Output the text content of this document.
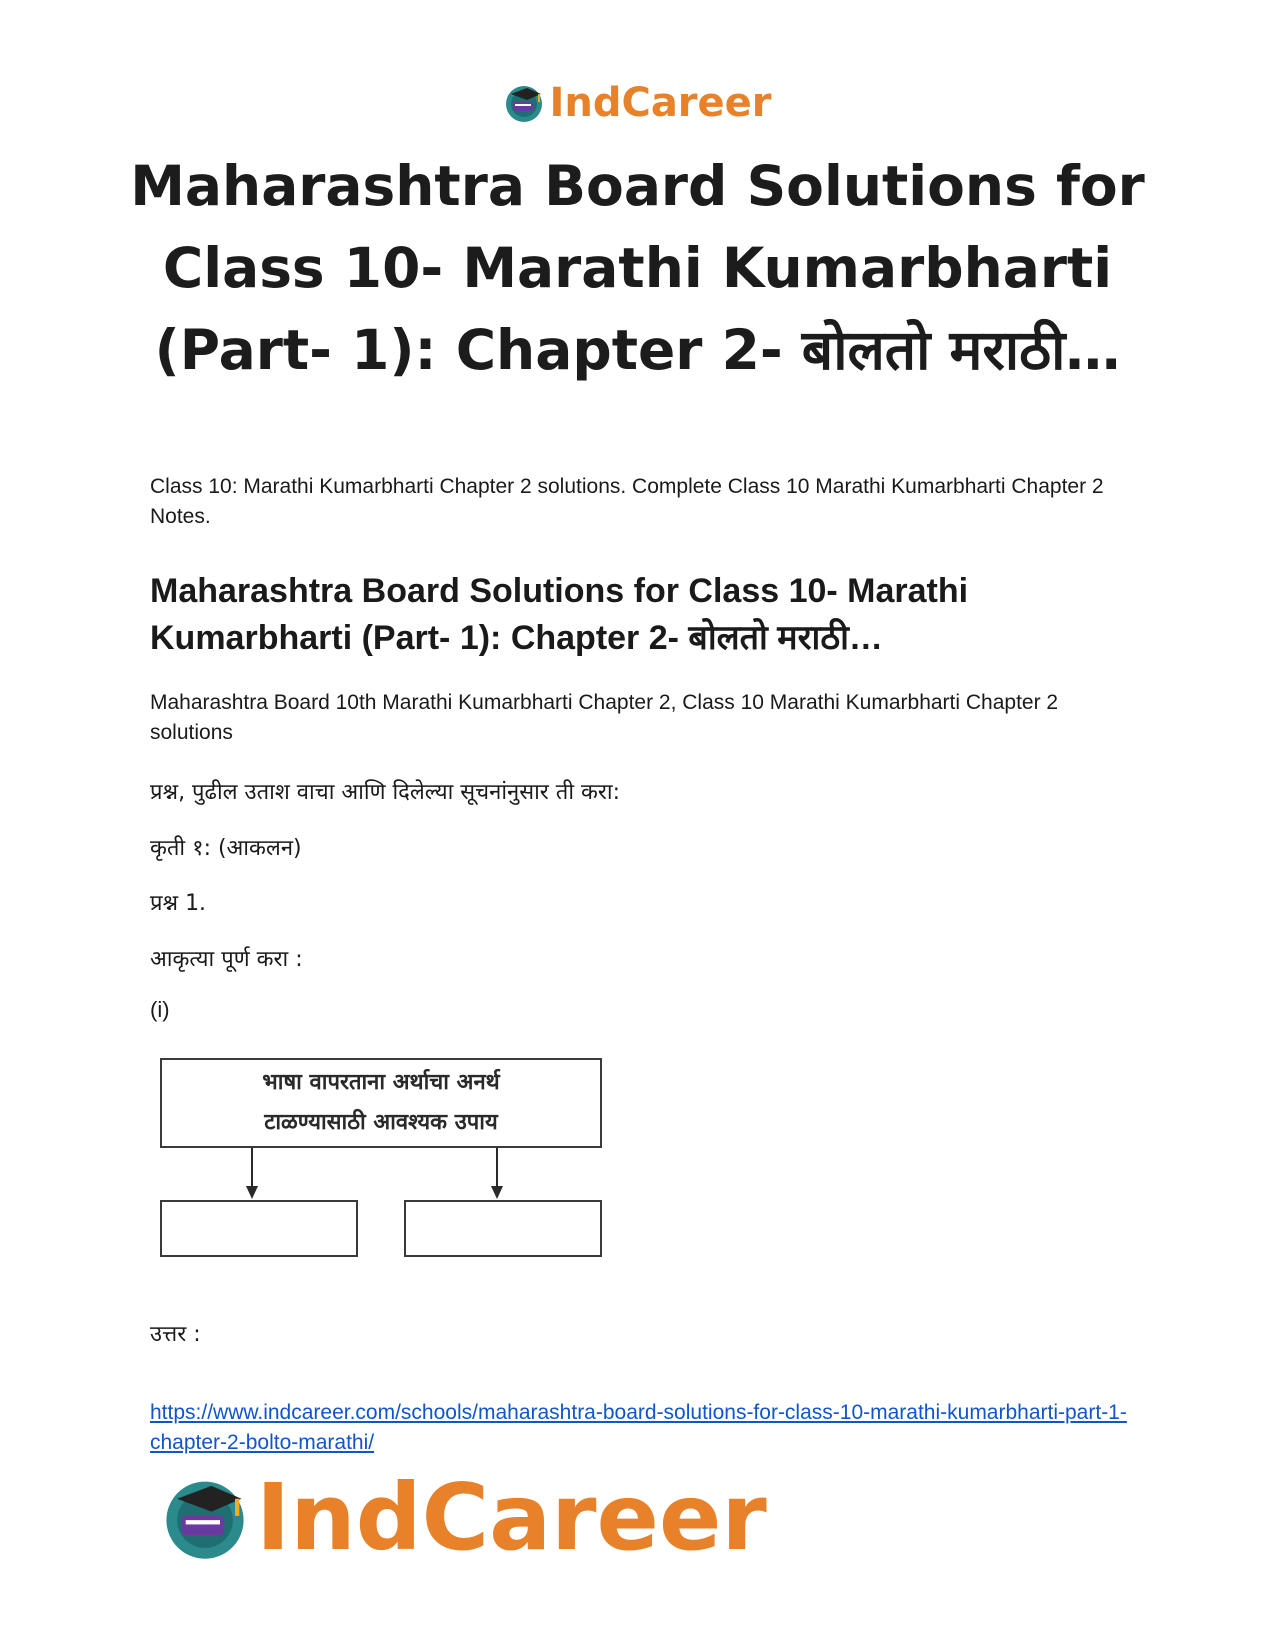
IndCareer
Maharashtra Board Solutions for Class 10- Marathi Kumarbharti (Part- 1): Chapter 2- बोलतो मराठी…

Class 10: Marathi Kumarbharti Chapter 2 solutions. Complete Class 10 Marathi Kumarbharti Chapter 2 Notes.

Maharashtra Board Solutions for Class 10- Marathi Kumarbharti (Part- 1): Chapter 2- बोलतो मराठी…

Maharashtra Board 10th Marathi Kumarbharti Chapter 2, Class 10 Marathi Kumarbharti Chapter 2 solutions

प्रश्न, पुढील उताश वाचा आणि दिलेल्या सूचनांनुसार ती करा:

कृती १: (आकलन)

प्रश्न 1.

आकृत्या पूर्ण करा :

(i)

भाषा वापरताना अर्थाचा अनर्थ
टाळण्यासाठी आवश्यक उपाय

उत्तर :

https://www.indcareer.com/schools/maharashtra-board-solutions-for-class-10-marathi-kumarbharti-part-1-chapter-2-bolto-marathi/
IndCareer
